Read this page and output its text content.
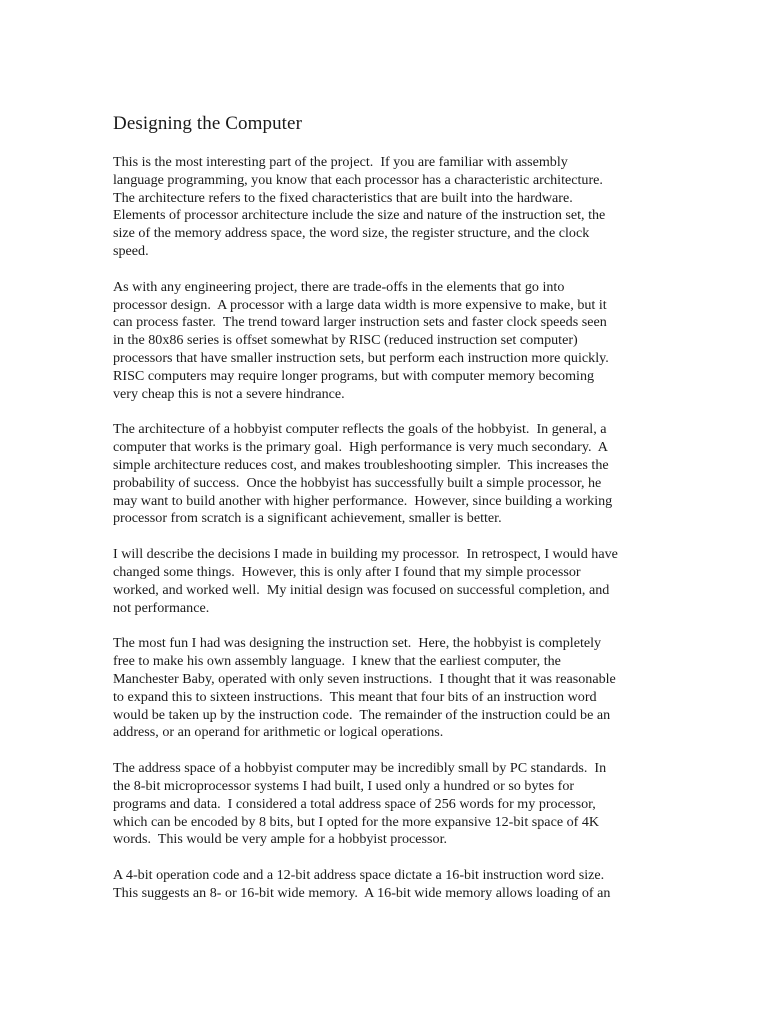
Designing the Computer

This is the most interesting part of the project.  If you are familiar with assembly
language programming, you know that each processor has a characteristic architecture.
The architecture refers to the fixed characteristics that are built into the hardware.
Elements of processor architecture include the size and nature of the instruction set, the
size of the memory address space, the word size, the register structure, and the clock
speed.

As with any engineering project, there are trade-offs in the elements that go into
processor design.  A processor with a large data width is more expensive to make, but it
can process faster.  The trend toward larger instruction sets and faster clock speeds seen
in the 80x86 series is offset somewhat by RISC (reduced instruction set computer)
processors that have smaller instruction sets, but perform each instruction more quickly.
RISC computers may require longer programs, but with computer memory becoming
very cheap this is not a severe hindrance.

The architecture of a hobbyist computer reflects the goals of the hobbyist.  In general, a
computer that works is the primary goal.  High performance is very much secondary.  A
simple architecture reduces cost, and makes troubleshooting simpler.  This increases the
probability of success.  Once the hobbyist has successfully built a simple processor, he
may want to build another with higher performance.  However, since building a working
processor from scratch is a significant achievement, smaller is better.

I will describe the decisions I made in building my processor.  In retrospect, I would have
changed some things.  However, this is only after I found that my simple processor
worked, and worked well.  My initial design was focused on successful completion, and
not performance.

The most fun I had was designing the instruction set.  Here, the hobbyist is completely
free to make his own assembly language.  I knew that the earliest computer, the
Manchester Baby, operated with only seven instructions.  I thought that it was reasonable
to expand this to sixteen instructions.  This meant that four bits of an instruction word
would be taken up by the instruction code.  The remainder of the instruction could be an
address, or an operand for arithmetic or logical operations.

The address space of a hobbyist computer may be incredibly small by PC standards.  In
the 8-bit microprocessor systems I had built, I used only a hundred or so bytes for
programs and data.  I considered a total address space of 256 words for my processor,
which can be encoded by 8 bits, but I opted for the more expansive 12-bit space of 4K
words.  This would be very ample for a hobbyist processor.

A 4-bit operation code and a 12-bit address space dictate a 16-bit instruction word size.
This suggests an 8- or 16-bit wide memory.  A 16-bit wide memory allows loading of an
